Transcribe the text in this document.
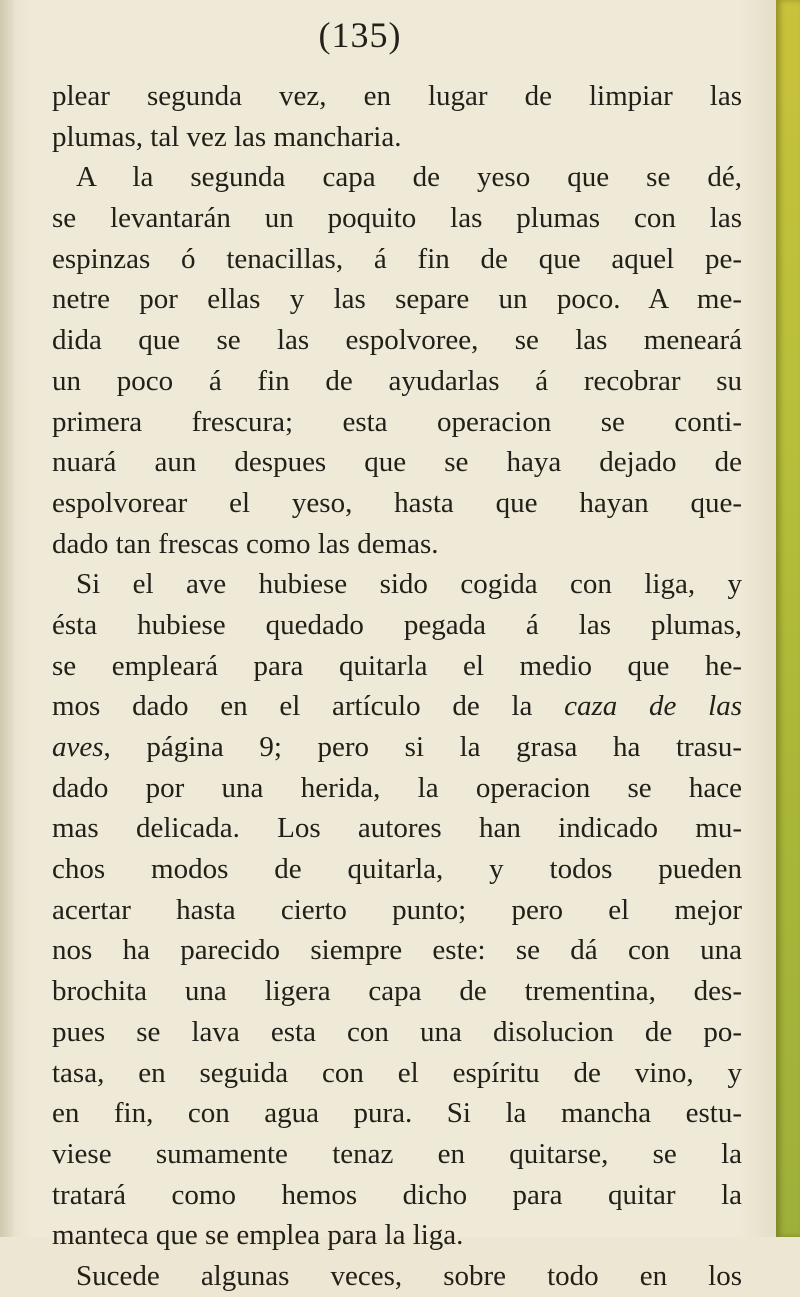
(135)
plear segunda vez, en lugar de limpiar las
plumas, tal vez las mancharia.
A la segunda capa de yeso que se dé,
se levantarán un poquito las plumas con las
espinzas ó tenacillas, á fin de que aquel pe-
netre por ellas y las separe un poco. A me-
dida que se las espolvoree, se las meneará
un poco á fin de ayudarlas á recobrar su
primera frescura; esta operacion se conti-
nuará aun despues que se haya dejado de
espolvorear el yeso, hasta que hayan que-
dado tan frescas como las demas.
Si el ave hubiese sido cogida con liga, y
ésta hubiese quedado pegada á las plumas,
se empleará para quitarla el medio que he-
mos dado en el artículo de la caza de las
aves, página 9; pero si la grasa ha trasu-
dado por una herida, la operacion se hace
mas delicada. Los autores han indicado mu-
chos modos de quitarla, y todos pueden
acertar hasta cierto punto; pero el mejor
nos ha parecido siempre este: se dá con una
brochita una ligera capa de trementina, des-
pues se lava esta con una disolucion de po-
tasa, en seguida con el espíritu de vino, y
en fin, con agua pura. Si la mancha estu-
viese sumamente tenaz en quitarse, se la
tratará como hemos dicho para quitar la
manteca que se emplea para la liga.
Sucede algunas veces, sobre todo en los
